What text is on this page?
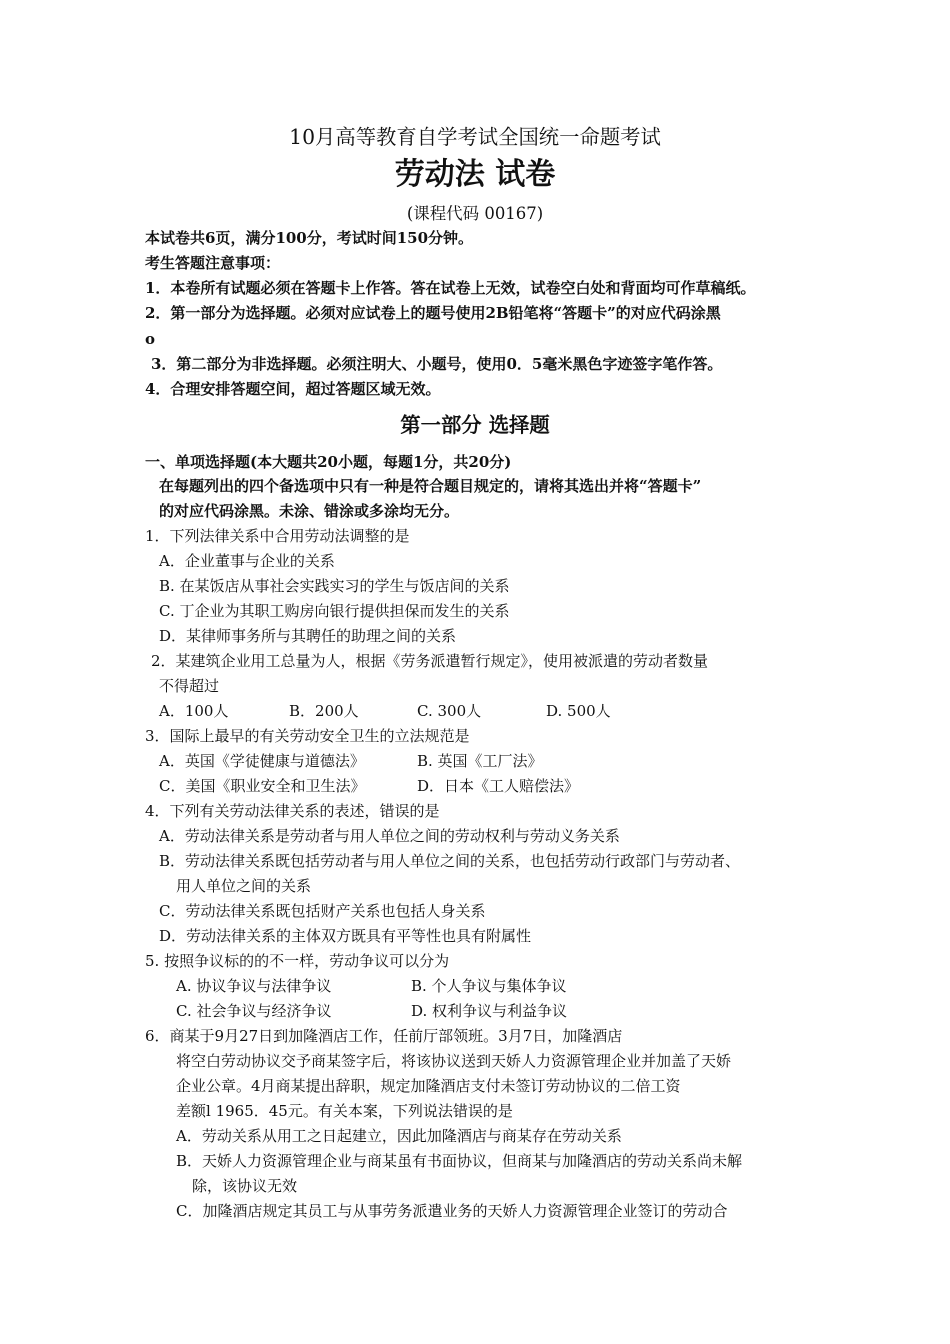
10月高等教育自学考试全国统一命题考试
劳动法 试卷
(课程代码 00167)
本试卷共6页，满分100分，考试时间150分钟。
考生答题注意事项：
1．本卷所有试题必须在答题卡上作答。答在试卷上无效，试卷空白处和背面均可作草稿纸。
2．第一部分为选择题。必须对应试卷上的题号使用2B铅笔将“答题卡”的对应代码涂黑
o
3．第二部分为非选择题。必须注明大、小题号，使用0．5毫米黑色字迹签字笔作答。
4．合理安排答题空间，超过答题区域无效。
第一部分 选择题
一、单项选择题(本大题共20小题，每题1分，共20分)
在每题列出的四个备选项中只有一种是符合题目规定的，请将其选出并将“答题卡”
的对应代码涂黑。未涂、错涂或多涂均无分。
1．下列法律关系中合用劳动法调整的是
A．企业董事与企业的关系
B. 在某饭店从事社会实践实习的学生与饭店间的关系
C. 丁企业为其职工购房向银行提供担保而发生的关系
D．某律师事务所与其聘任的助理之间的关系
2．某建筑企业用工总量为人，根据《劳务派遣暂行规定》，使用被派遣的劳动者数量
不得超过
A．100人	B．200人	C. 300人	D. 500人
3．国际上最早的有关劳动安全卫生的立法规范是
A．英国《学徒健康与道德法》	B. 英国《工厂法》
C．美国《职业安全和卫生法》	D．日本《工人赔偿法》
4．下列有关劳动法律关系的表述，错误的是
A．劳动法律关系是劳动者与用人单位之间的劳动权利与劳动义务关系
B．劳动法律关系既包括劳动者与用人单位之间的关系，也包括劳动行政部门与劳动者、
用人单位之间的关系
C．劳动法律关系既包括财产关系也包括人身关系
D．劳动法律关系的主体双方既具有平等性也具有附属性
5. 按照争议标的的不一样，劳动争议可以分为
A. 协议争议与法律争议	B. 个人争议与集体争议
C. 社会争议与经济争议	D. 权利争议与利益争议
6．商某于9月27日到加隆酒店工作，任前厅部领班。3月7日，加隆酒店
将空白劳动协议交予商某签字后，将该协议送到天娇人力资源管理企业并加盖了天娇
企业公章。4月商某提出辞职，规定加隆酒店支付未签订劳动协议的二倍工资
差额l 1965．45元。有关本案，下列说法错误的是
A．劳动关系从用工之日起建立，因此加隆酒店与商某存在劳动关系
B．天娇人力资源管理企业与商某虽有书面协议，但商某与加隆酒店的劳动关系尚未解
除，该协议无效
C．加隆酒店规定其员工与从事劳务派遣业务的天娇人力资源管理企业签订的劳动合
